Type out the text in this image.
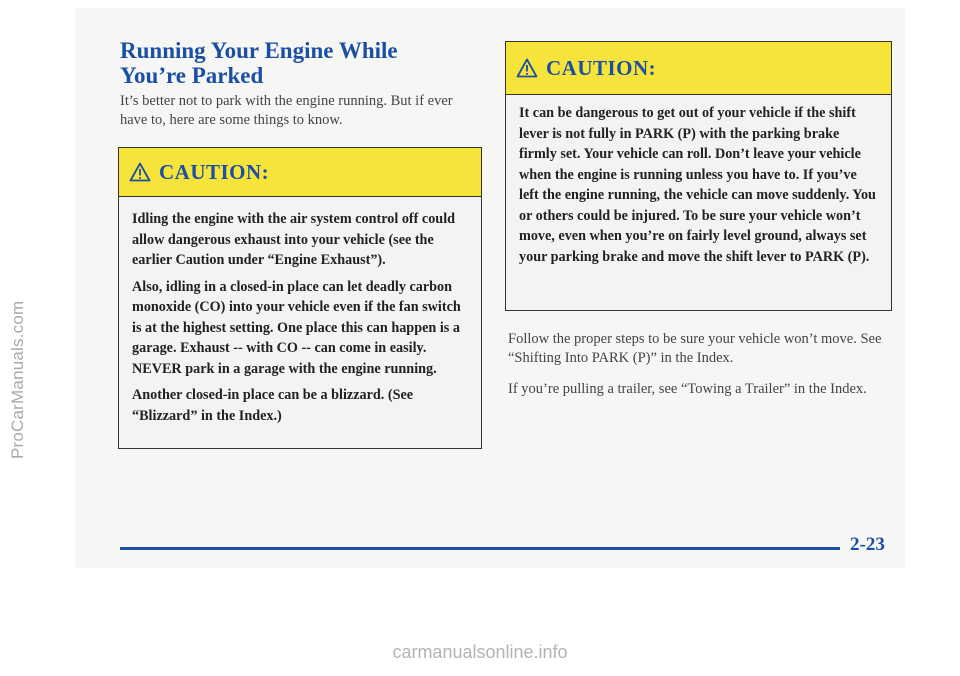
ProCarManuals.com
Running Your Engine While
You’re Parked

It’s better not to park with the engine running. But if ever have to, here are some things to know.

CAUTION:

Idling the engine with the air system control off could allow dangerous exhaust into your vehicle (see the earlier Caution under “Engine Exhaust”).

Also, idling in a closed-in place can let deadly carbon monoxide (CO) into your vehicle even if the fan switch is at the highest setting. One place this can happen is a garage. Exhaust -- with CO -- can come in easily. NEVER park in a garage with the engine running.

Another closed-in place can be a blizzard. (See “Blizzard” in the Index.)

CAUTION:

It can be dangerous to get out of your vehicle if the shift lever is not fully in PARK (P) with the parking brake firmly set. Your vehicle can roll. Don’t leave your vehicle when the engine is running unless you have to. If you’ve left the engine running, the vehicle can move suddenly. You or others could be injured. To be sure your vehicle won’t move, even when you’re on fairly level ground, always set your parking brake and move the shift lever to PARK (P).

Follow the proper steps to be sure your vehicle won’t move. See “Shifting Into PARK (P)” in the Index.

If you’re pulling a trailer, see “Towing a Trailer” in the Index.

2-23

carmanualsonline.info
